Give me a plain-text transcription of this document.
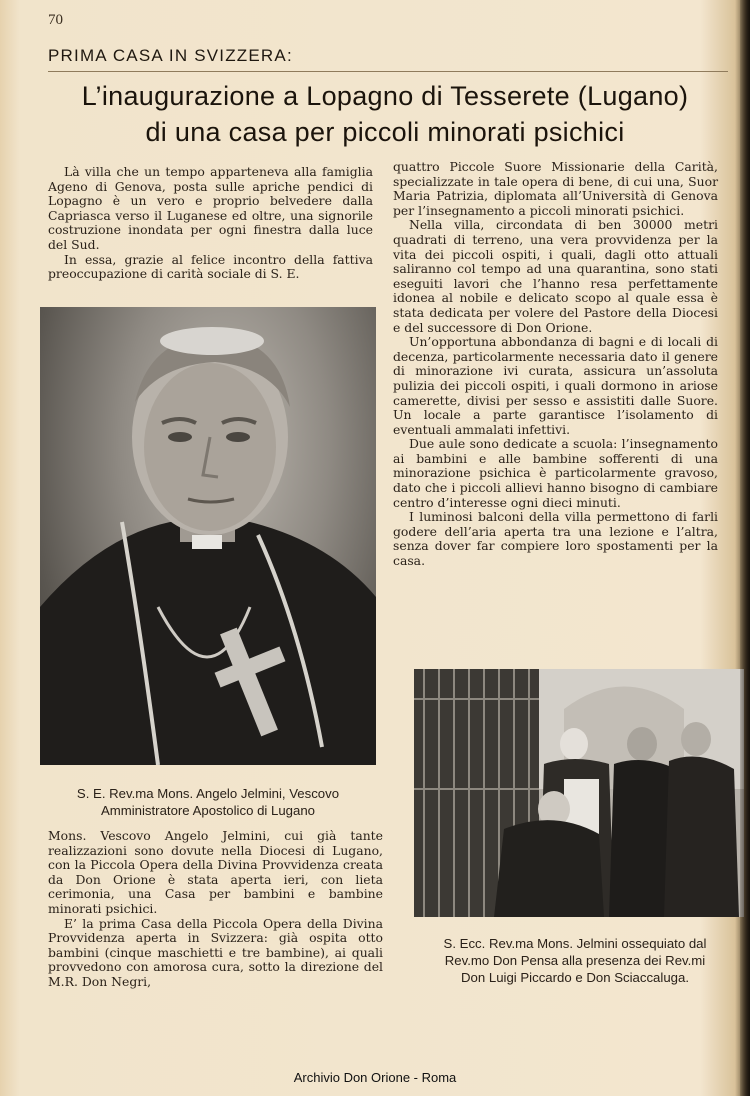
70
PRIMA CASA IN SVIZZERA:
L’inaugurazione a Lopagno di Tesserete (Lugano)
di una casa per piccoli minorati psichici

Là villa che un tempo apparteneva alla famiglia Ageno di Genova, posta sulle apriche pendici di Lopagno è un vero e proprio belvedere dalla Capriasca verso il Luganese ed oltre, una signorile costruzione inondata per ogni finestra dalla luce del Sud.

In essa, grazie al felice incontro della fattiva preoccupazione di carità sociale di S. E.

quattro Piccole Suore Missionarie della Carità, specializzate in tale opera di bene, di cui una, Suor Maria Patrizia, diplomata all’Università di Genova per l’insegnamento a piccoli minorati psichici.

Nella villa, circondata di ben 30000 metri quadrati di terreno, una vera provvidenza per la vita dei piccoli ospiti, i quali, dagli otto attuali saliranno col tempo ad una quarantina, sono stati eseguiti lavori che l’hanno resa perfettamente idonea al nobile e delicato scopo al quale essa è stata dedicata per volere del Pastore della Diocesi e del successore di Don Orione.

Un’opportuna abbondanza di bagni e di locali di decenza, particolarmente necessaria dato il genere di minorazione ivi curata, assicura un’assoluta pulizia dei piccoli ospiti, i quali dormono in ariose camerette, divisi per sesso e assistiti dalle Suore. Un locale a parte garantisce l’isolamento di eventuali ammalati infettivi.

Due aule sono dedicate a scuola: l’insegnamento ai bambini e alle bambine sofferenti di una minorazione psichica è particolarmente gravoso, dato che i piccoli allievi hanno bisogno di cambiare centro d’interesse ogni dieci minuti.

I luminosi balconi della villa permettono di farli godere dell’aria aperta tra una lezione e l’altra, senza dover far compiere loro spostamenti per la casa.

S. E. Rev.ma Mons. Angelo Jelmini, Vescovo
Amministratore Apostolico di Lugano

Mons. Vescovo Angelo Jelmini, cui già tante realizzazioni sono dovute nella Diocesi di Lugano, con la Piccola Opera della Divina Provvidenza creata da Don Orione è stata aperta ieri, con lieta cerimonia, una Casa per bambini e bambine minorati psichici.

E’ la prima Casa della Piccola Opera della Divina Provvidenza aperta in Svizzera: già ospita otto bambini (cinque maschietti e tre bambine), ai quali provvedono con amorosa cura, sotto la direzione del M.R. Don Negri,

S. Ecc. Rev.ma Mons. Jelmini ossequiato dal
Rev.mo Don Pensa alla presenza dei Rev.mi
Don Luigi Piccardo e Don Sciaccaluga.
Archivio Don Orione - Roma
